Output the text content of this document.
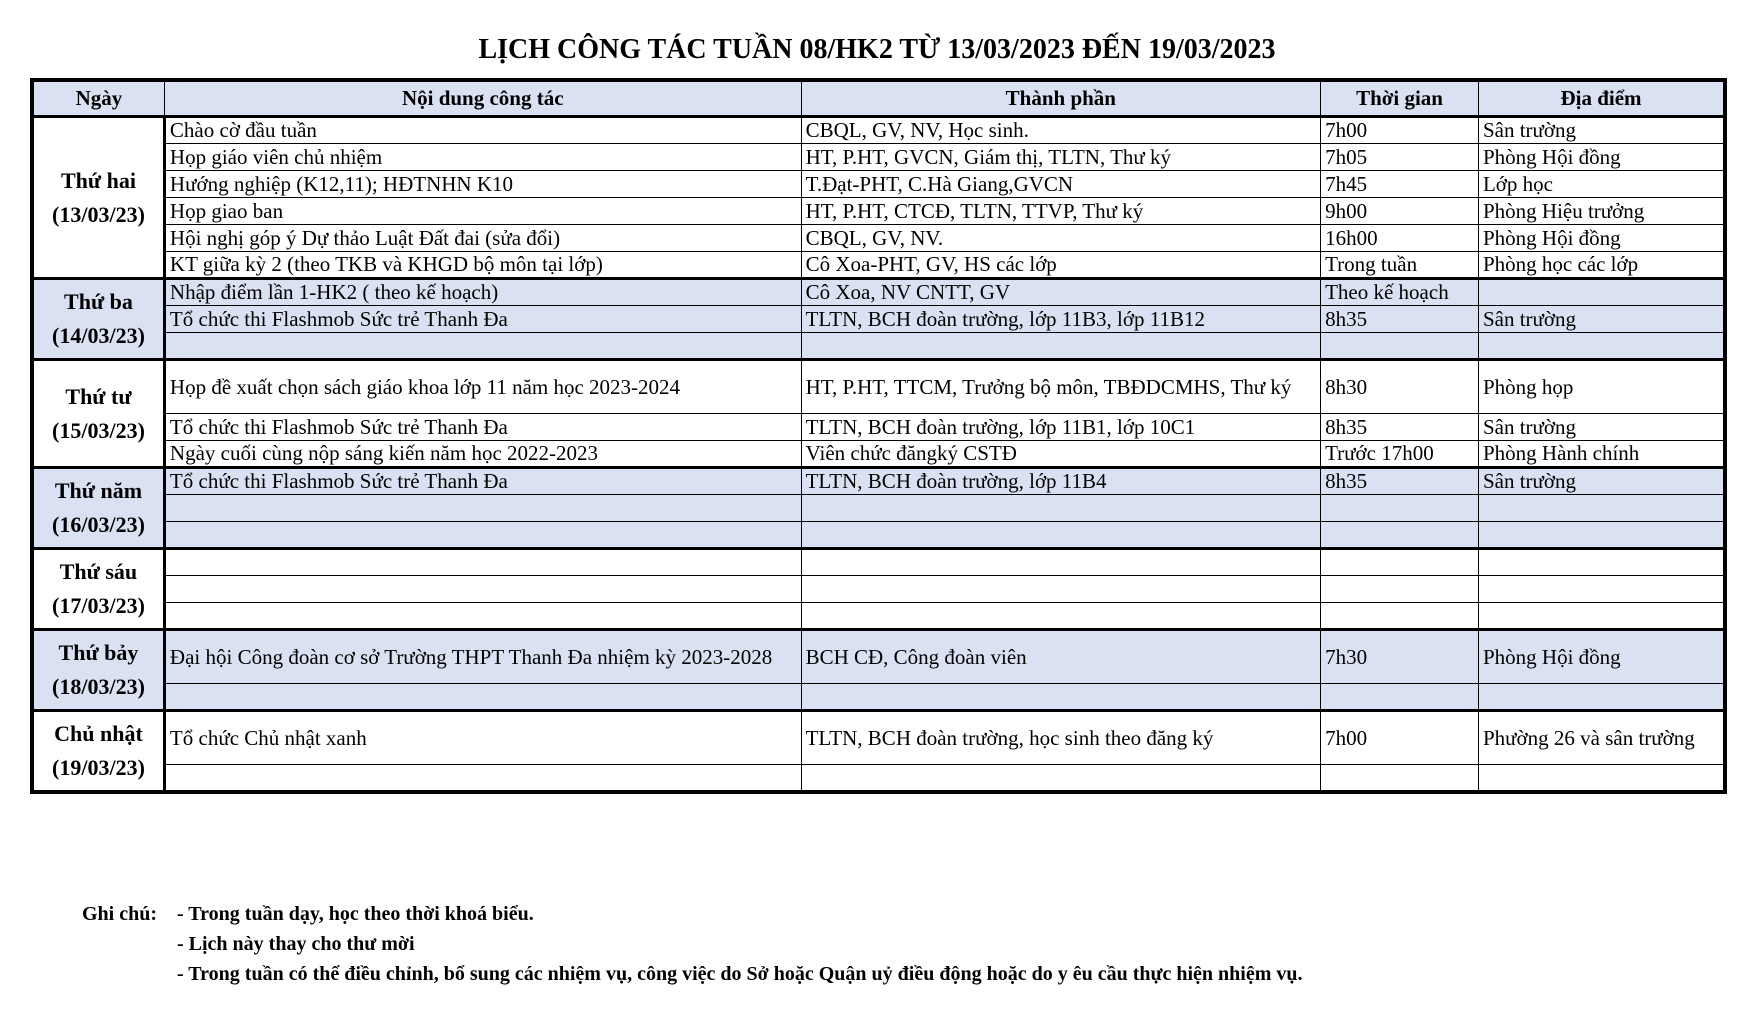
LỊCH CÔNG TÁC TUẦN 08/HK2 TỪ 13/03/2023 ĐẾN 19/03/2023
Ngày	Nội dung công tác	Thành phần	Thời gian	Địa điểm

Thứ hai
(13/03/23)	Chào cờ đầu tuần	CBQL, GV, NV, Học sinh.	7h00	Sân trường
	Họp giáo viên chủ nhiệm	HT, P.HT, GVCN, Giám thị, TLTN, Thư ký	7h05	Phòng Hội đồng
	Hướng nghiệp (K12,11); HĐTNHN K10	T.Đạt-PHT, C.Hà Giang,GVCN	7h45	Lớp học
	Họp giao ban	HT, P.HT, CTCĐ, TLTN, TTVP, Thư ký	9h00	Phòng Hiệu trưởng
	Hội nghị góp ý Dự thảo Luật Đất đai (sửa đổi)	CBQL, GV, NV.	16h00	Phòng Hội đồng
	KT giữa kỳ 2 (theo TKB và KHGD bộ môn tại lớp)	Cô Xoa-PHT, GV, HS các lớp	Trong tuần	Phòng học các lớp

Thứ ba
(14/03/23)	Nhập điểm lần 1-HK2 ( theo kế hoạch)	Cô Xoa, NV CNTT, GV	Theo kế hoạch	
	Tổ chức thi Flashmob Sức trẻ Thanh Đa	TLTN, BCH đoàn trường, lớp 11B3, lớp 11B12	8h35	Sân trường

Thứ tư
(15/03/23)	Họp đề xuất chọn sách giáo khoa lớp 11 năm học 2023-2024	HT, P.HT, TTCM, Trưởng bộ môn, TBĐDCMHS, Thư ký	8h30	Phòng họp
	Tổ chức thi Flashmob Sức trẻ Thanh Đa	TLTN, BCH đoàn trường, lớp 11B1, lớp 10C1	8h35	Sân trường
	Ngày cuối cùng nộp sáng kiến năm học 2022-2023	Viên chức đăngký CSTĐ	Trước 17h00	Phòng Hành chính

Thứ năm
(16/03/23)	Tổ chức thi Flashmob Sức trẻ Thanh Đa	TLTN, BCH đoàn trường, lớp 11B4	8h35	Sân trường

Thứ sáu
(17/03/23)				

Thứ bảy
(18/03/23)	Đại hội Công đoàn cơ sở Trường THPT Thanh Đa nhiệm kỳ 2023-2028	BCH CĐ, Công đoàn viên	7h30	Phòng Hội đồng

Chủ nhật
(19/03/23)	Tổ chức Chủ nhật xanh	TLTN, BCH đoàn trường, học sinh theo đăng ký	7h00	Phường 26 và sân trường

Ghi chú: - Trong tuần dạy, học theo thời khoá biểu.
- Lịch này thay cho thư mời
- Trong tuần có thể điều chỉnh, bổ sung các nhiệm vụ, công việc do Sở hoặc Quận uỷ điều động hoặc do y êu cầu thực hiện nhiệm vụ.
